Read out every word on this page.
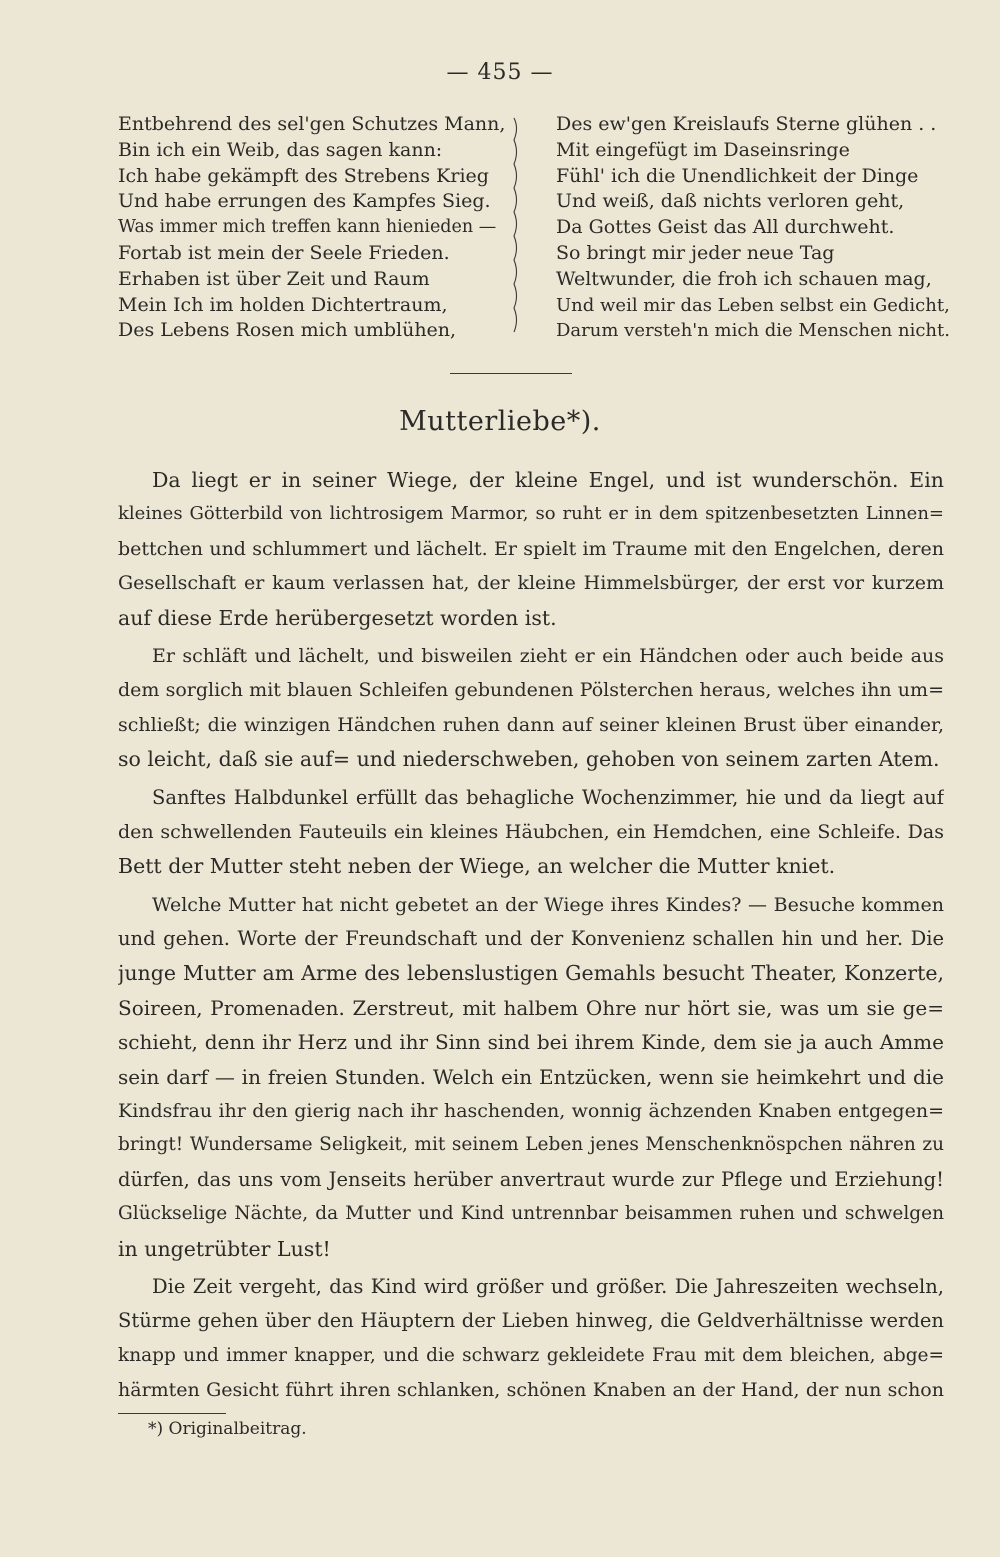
— 455 —
Entbehrend des sel'gen Schutzes Mann,
Bin ich ein Weib, das sagen kann:
Ich habe gekämpft des Strebens Krieg
Und habe errungen des Kampfes Sieg.
Was immer mich treffen kann hienieden —
Fortab ist mein der Seele Frieden.
Erhaben ist über Zeit und Raum
Mein Ich im holden Dichtertraum,
Des Lebens Rosen mich umblühen,
Des ew'gen Kreislaufs Sterne glühen . .
Mit eingefügt im Daseinsringe
Fühl' ich die Unendlichkeit der Dinge
Und weiß, daß nichts verloren geht,
Da Gottes Geist das All durchweht.
So bringt mir jeder neue Tag
Weltwunder, die froh ich schauen mag,
Und weil mir das Leben selbst ein Gedicht,
Darum versteh'n mich die Menschen nicht.
Mutterliebe*).
Da liegt er in seiner Wiege, der kleine Engel, und ist wunderschön. Ein
kleines Götterbild von lichtrosigem Marmor, so ruht er in dem spitzenbesetzten Linnen=
bettchen und schlummert und lächelt. Er spielt im Traume mit den Engelchen, deren
Gesellschaft er kaum verlassen hat, der kleine Himmelsbürger, der erst vor kurzem
auf diese Erde herübergesetzt worden ist.
Er schläft und lächelt, und bisweilen zieht er ein Händchen oder auch beide aus
dem sorglich mit blauen Schleifen gebundenen Pölsterchen heraus, welches ihn um=
schließt; die winzigen Händchen ruhen dann auf seiner kleinen Brust über einander,
so leicht, daß sie auf= und niederschweben, gehoben von seinem zarten Atem.
Sanftes Halbdunkel erfüllt das behagliche Wochenzimmer, hie und da liegt auf
den schwellenden Fauteuils ein kleines Häubchen, ein Hemdchen, eine Schleife. Das
Bett der Mutter steht neben der Wiege, an welcher die Mutter kniet.
Welche Mutter hat nicht gebetet an der Wiege ihres Kindes? — Besuche kommen
und gehen. Worte der Freundschaft und der Konvenienz schallen hin und her. Die
junge Mutter am Arme des lebenslustigen Gemahls besucht Theater, Konzerte,
Soireen, Promenaden. Zerstreut, mit halbem Ohre nur hört sie, was um sie ge=
schieht, denn ihr Herz und ihr Sinn sind bei ihrem Kinde, dem sie ja auch Amme
sein darf — in freien Stunden. Welch ein Entzücken, wenn sie heimkehrt und die
Kindsfrau ihr den gierig nach ihr haschenden, wonnig ächzenden Knaben entgegen=
bringt! Wundersame Seligkeit, mit seinem Leben jenes Menschenknöspchen nähren zu
dürfen, das uns vom Jenseits herüber anvertraut wurde zur Pflege und Erziehung!
Glückselige Nächte, da Mutter und Kind untrennbar beisammen ruhen und schwelgen
in ungetrübter Lust!
Die Zeit vergeht, das Kind wird größer und größer. Die Jahreszeiten wechseln,
Stürme gehen über den Häuptern der Lieben hinweg, die Geldverhältnisse werden
knapp und immer knapper, und die schwarz gekleidete Frau mit dem bleichen, abge=
härmten Gesicht führt ihren schlanken, schönen Knaben an der Hand, der nun schon
*) Originalbeitrag.
